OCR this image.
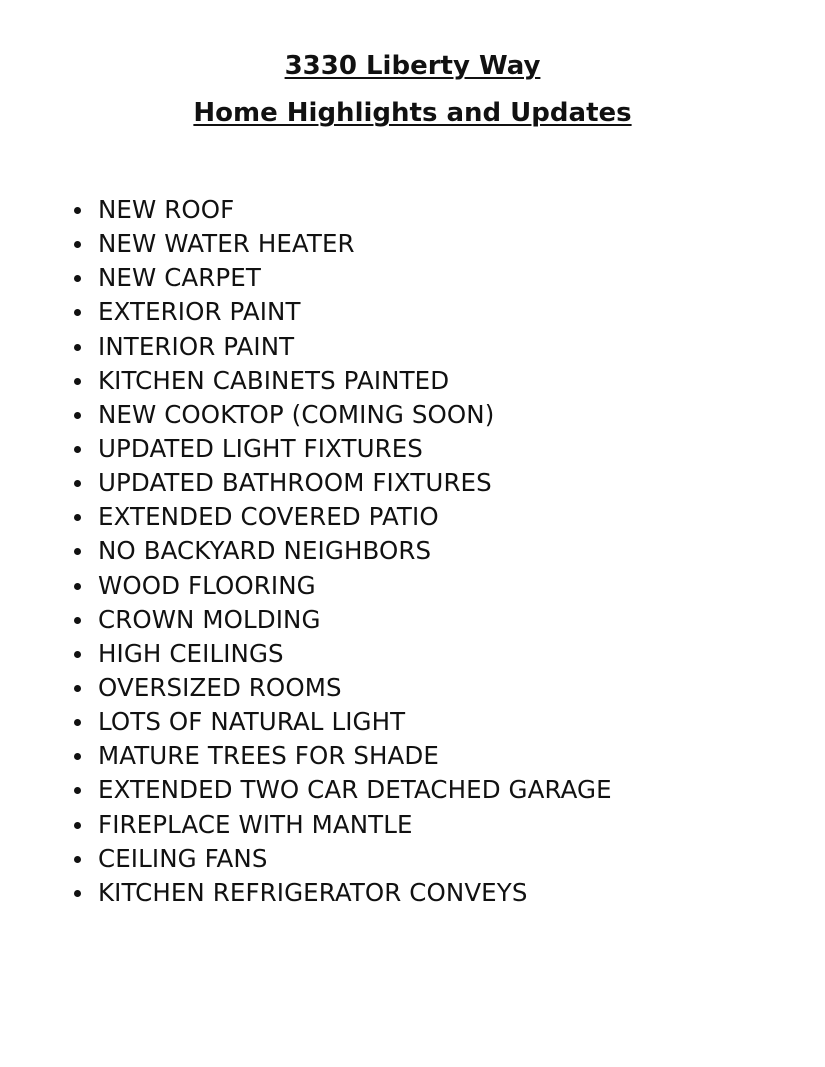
3330 Liberty Way
Home Highlights and Updates
NEW ROOF
NEW WATER HEATER
NEW CARPET
EXTERIOR PAINT
INTERIOR PAINT
KITCHEN CABINETS PAINTED
NEW COOKTOP (COMING SOON)
UPDATED LIGHT FIXTURES
UPDATED BATHROOM FIXTURES
EXTENDED COVERED PATIO
NO BACKYARD NEIGHBORS
WOOD FLOORING
CROWN MOLDING
HIGH CEILINGS
OVERSIZED ROOMS
LOTS OF NATURAL LIGHT
MATURE TREES FOR SHADE
EXTENDED TWO CAR DETACHED GARAGE
FIREPLACE WITH MANTLE
CEILING FANS
KITCHEN REFRIGERATOR CONVEYS
